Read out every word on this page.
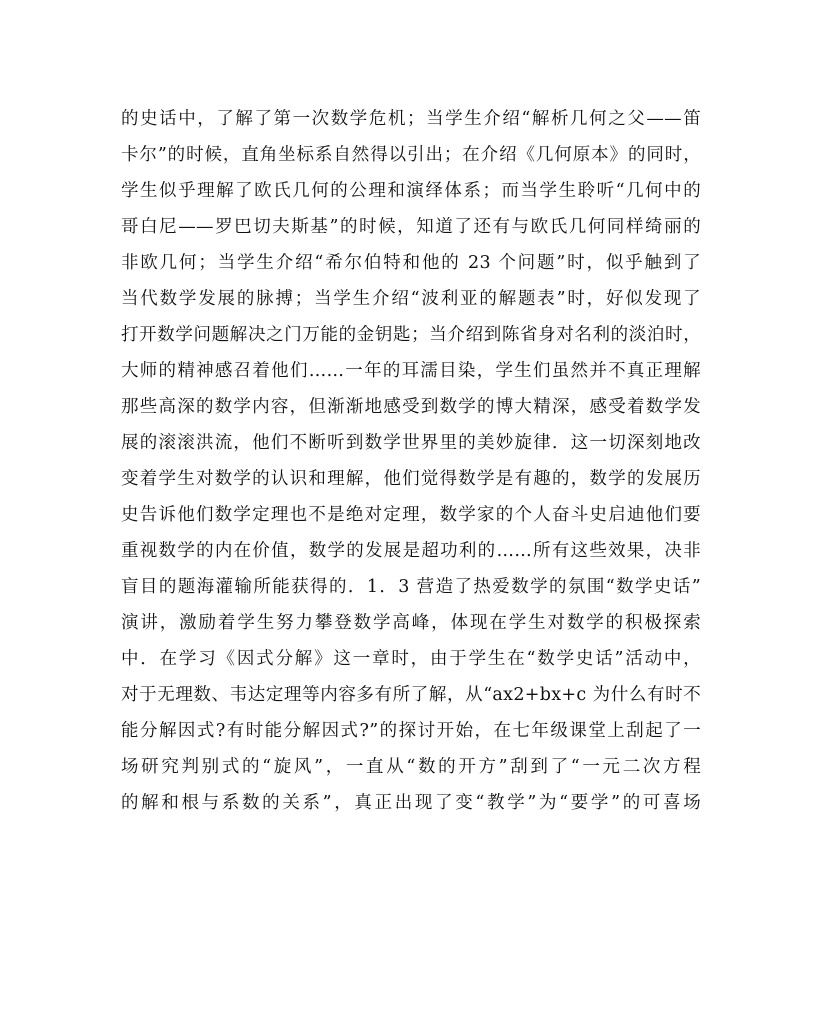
的史话中，了解了第一次数学危机；当学生介绍“解析几何之父——笛
卡尔”的时候，直角坐标系自然得以引出；在介绍《几何原本》的同时，
学生似乎理解了欧氏几何的公理和演绎体系；而当学生聆听“几何中的
哥白尼——罗巴切夫斯基”的时候，知道了还有与欧氏几何同样绮丽的
非欧几何；当学生介绍“希尔伯特和他的 23 个问题”时，似乎触到了
当代数学发展的脉搏；当学生介绍“波利亚的解题表”时，好似发现了
打开数学问题解决之门万能的金钥匙；当介绍到陈省身对名利的淡泊时，
大师的精神感召着他们……一年的耳濡目染，学生们虽然并不真正理解
那些高深的数学内容，但渐渐地感受到数学的博大精深，感受着数学发
展的滚滚洪流，他们不断听到数学世界里的美妙旋律．这一切深刻地改
变着学生对数学的认识和理解，他们觉得数学是有趣的，数学的发展历
史告诉他们数学定理也不是绝对定理，数学家的个人奋斗史启迪他们要
重视数学的内在价值，数学的发展是超功利的……所有这些效果，决非
盲目的题海灌输所能获得的．1．3 营造了热爱数学的氛围“数学史话”
演讲，激励着学生努力攀登数学高峰，体现在学生对数学的积极探索
中．在学习《因式分解》这一章时，由于学生在“数学史话”活动中，
对于无理数、韦达定理等内容多有所了解，从“ax2+bx+c 为什么有时不
能分解因式?有时能分解因式?”的探讨开始，在七年级课堂上刮起了一
场研究判别式的“旋风”，一直从“数的开方”刮到了“一元二次方程
的解和根与系数的关系”，真正出现了变“教学”为“要学”的可喜场
